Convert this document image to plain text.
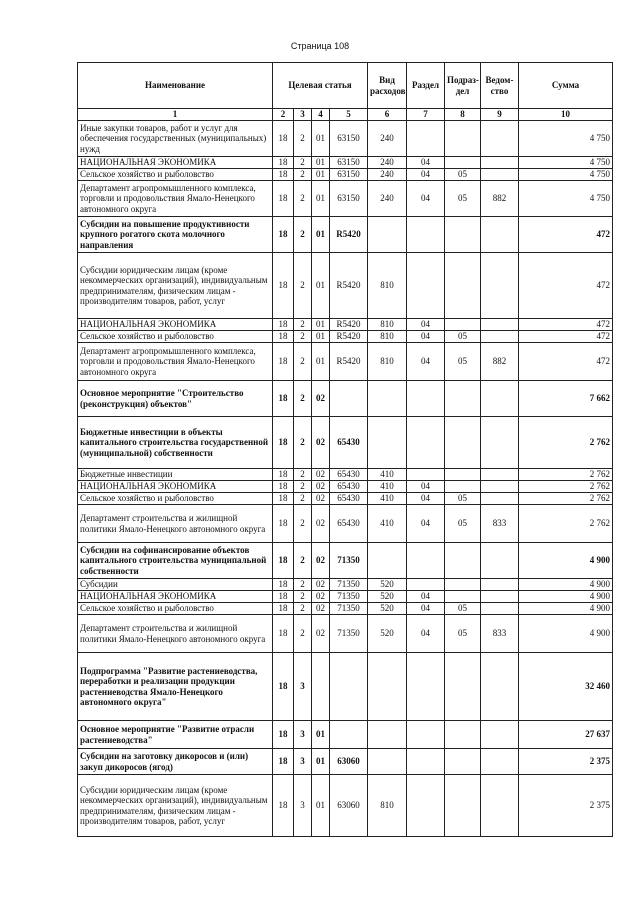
Страница 108
Наименование	Целевая статья				Вид расходов	Раздел	Подраз-дел	Ведом-ство	Сумма
1	2	3	4	5	6	7	8	9	10
Иные закупки товаров, работ и услуг для обеспечения государственных (муниципальных) нужд	18	2	01	63150	240				4 750
НАЦИОНАЛЬНАЯ ЭКОНОМИКА	18	2	01	63150	240	04			4 750
Сельское хозяйство и рыболовство	18	2	01	63150	240	04	05		4 750
Департамент агропромышленного комплекса, торговли и продовольствия Ямало-Ненецкого автономного округа	18	2	01	63150	240	04	05	882	4 750
Субсидии на повышение продуктивности крупного рогатого скота молочного направления	18	2	01	R5420					472
Субсидии юридическим лицам (кроме некоммерческих организаций), индивидуальным предпринимателям, физическим лицам - производителям товаров, работ, услуг	18	2	01	R5420	810				472
НАЦИОНАЛЬНАЯ ЭКОНОМИКА	18	2	01	R5420	810	04			472
Сельское хозяйство и рыболовство	18	2	01	R5420	810	04	05		472
Департамент агропромышленного комплекса, торговли и продовольствия Ямало-Ненецкого автономного округа	18	2	01	R5420	810	04	05	882	472
Основное мероприятие "Строительство (реконструкция) объектов"	18	2	02						7 662
Бюджетные инвестиции в объекты капитального строительства государственной (муниципальной) собственности	18	2	02	65430					2 762
Бюджетные инвестиции	18	2	02	65430	410				2 762
НАЦИОНАЛЬНАЯ ЭКОНОМИКА	18	2	02	65430	410	04			2 762
Сельское хозяйство и рыболовство	18	2	02	65430	410	04	05		2 762
Департамент строительства и жилищной политики Ямало-Ненецкого автономного округа	18	2	02	65430	410	04	05	833	2 762
Субсидии на софинансирование объектов капитального строительства муниципальной собственности	18	2	02	71350					4 900
Субсидии	18	2	02	71350	520				4 900
НАЦИОНАЛЬНАЯ ЭКОНОМИКА	18	2	02	71350	520	04			4 900
Сельское хозяйство и рыболовство	18	2	02	71350	520	04	05		4 900
Департамент строительства и жилищной политики Ямало-Ненецкого автономного округа	18	2	02	71350	520	04	05	833	4 900
Подпрограмма "Развитие растениеводства, переработки и реализации продукции растениеводства Ямало-Ненецкого автономного округа"	18	3							32 460
Основное мероприятие "Развитие отрасли растениеводства"	18	3	01						27 637
Субсидии на заготовку дикоросов и (или) закуп дикоросов (ягод)	18	3	01	63060					2 375
Субсидии юридическим лицам (кроме некоммерческих организаций), индивидуальным предпринимателям, физическим лицам - производителям товаров, работ, услуг	18	3	01	63060	810				2 375
